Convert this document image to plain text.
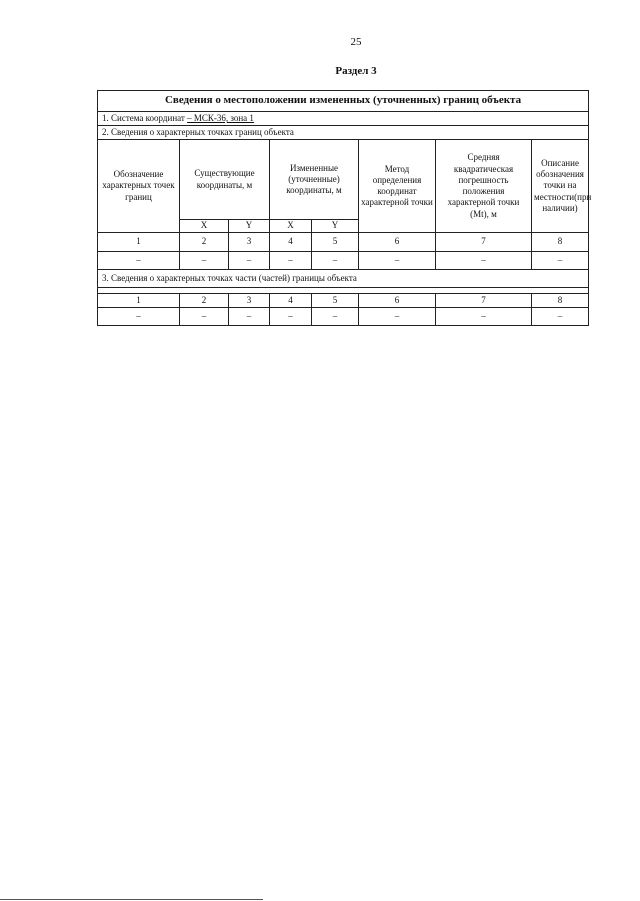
25
Раздел 3
Сведения о местоположении измененных (уточненных) границ объекта							
1. Система координат – МСК-36, зона 1							
2. Сведения о характерных точках границ объекта							
Обозначение характерных точек границ	Существующие координаты, м		Измененные (уточненные) координаты, м		Метод определения координат характерной точки	Средняя квадратическая погрешность положения характерной точки (Mt), м	Описание обозначения точки на местности(при наличии)
	X	Y	X	Y			
1	2	3	4	5	6	7	8
–	–	–	–	–	–	–	–
3. Сведения о характерных точках части (частей) границы объекта							

1	2	3	4	5	6	7	8
–	–	–	–	–	–	–	–
